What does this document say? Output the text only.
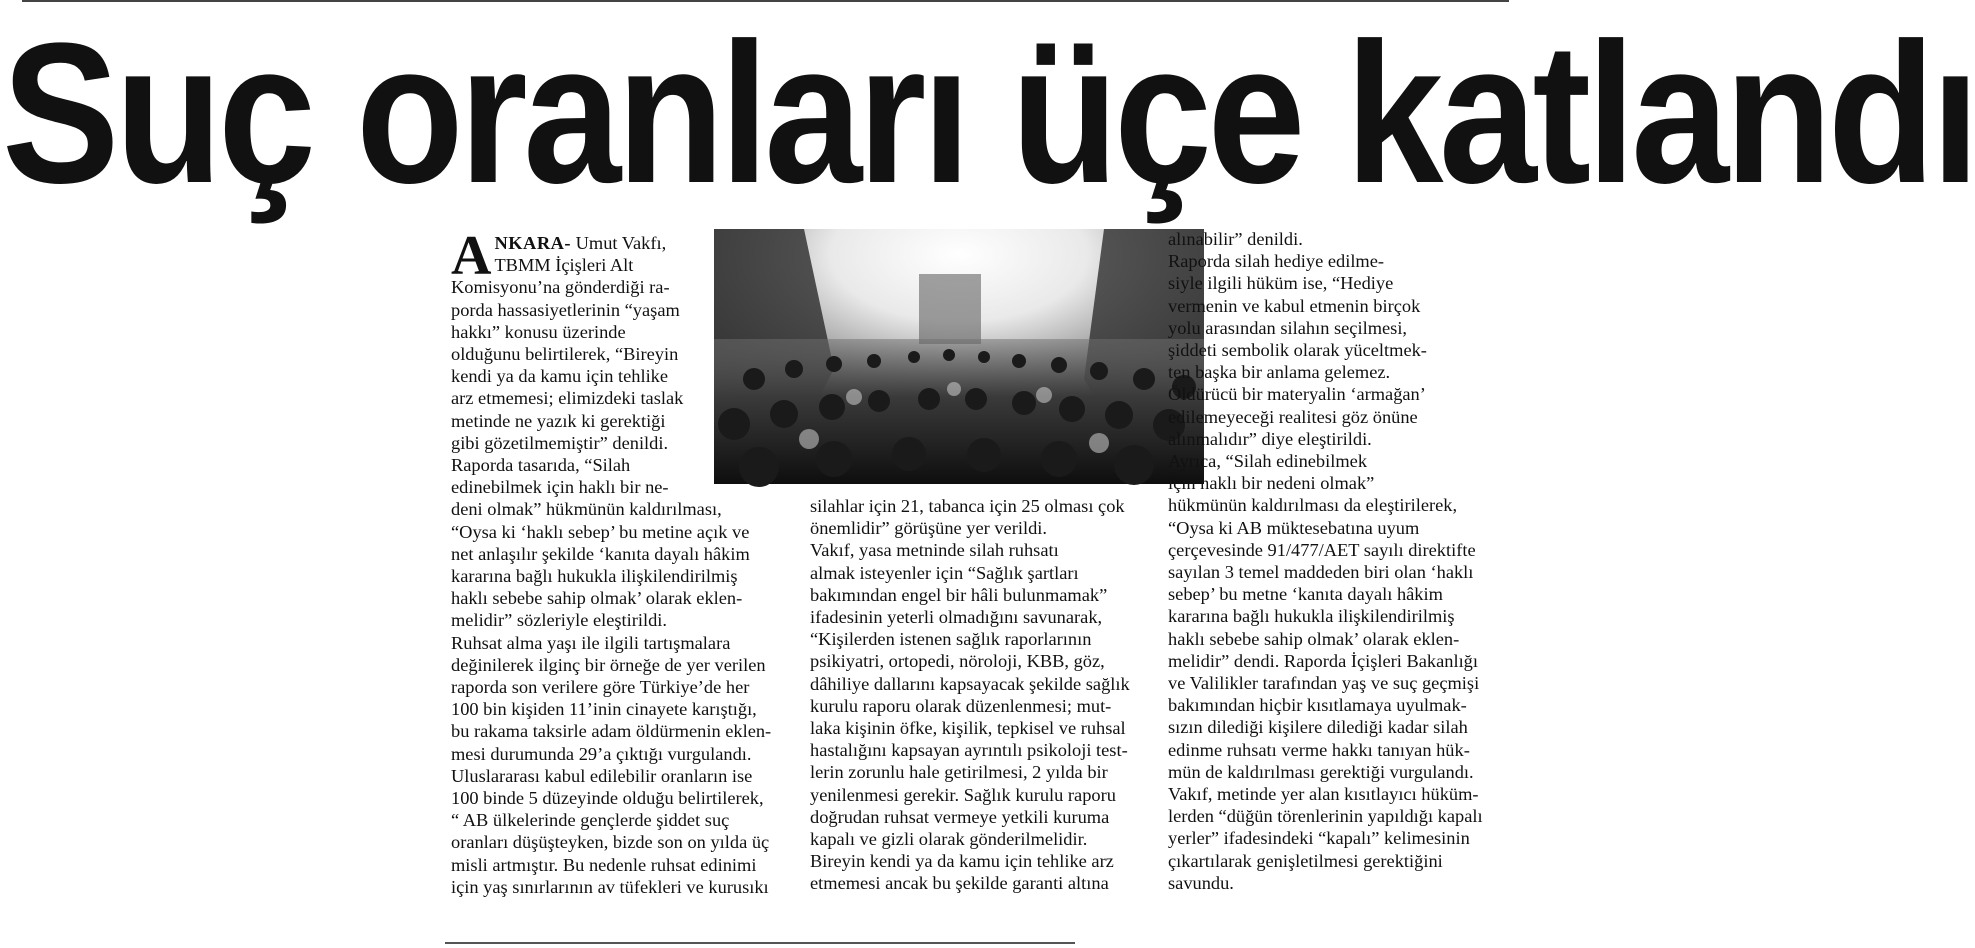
Suç oranları üçe katlandı
ANKARA- Umut Vakfı,
TBMM İçişleri Alt
Komisyonu’na gönderdiği ra-
porda hassasiyetlerinin “yaşam
hakkı” konusu üzerinde
olduğunu belirtilerek, “Bireyin
kendi ya da kamu için tehlike
arz etmemesi; elimizdeki taslak
metinde ne yazık ki gerektiği
gibi gözetilmemiştir” denildi.
Raporda tasarıda, “Silah
edinebilmek için haklı bir ne-
deni olmak” hükmünün kaldırılması,
“Oysa ki ‘haklı sebep’ bu metine açık ve
net anlaşılır şekilde ‘kanıta dayalı hâkim
kararına bağlı hukukla ilişkilendirilmiş
haklı sebebe sahip olmak’ olarak eklen-
melidir” sözleriyle eleştirildi.
Ruhsat alma yaşı ile ilgili tartışmalara
değinilerek ilginç bir örneğe de yer verilen
raporda son verilere göre Türkiye’de her
100 bin kişiden 11’inin cinayete karıştığı,
bu rakama taksirle adam öldürmenin eklen-
mesi durumunda 29’a çıktığı vurgulandı.
Uluslararası kabul edilebilir oranların ise
100 binde 5 düzeyinde olduğu belirtilerek,
“ AB ülkelerinde gençlerde şiddet suç
oranları düşüşteyken, bizde son on yılda üç
misli artmıştır. Bu nedenle ruhsat edinimi
için yaş sınırlarının av tüfekleri ve kurusıkı
silahlar için 21, tabanca için 25 olması çok
önemlidir” görüşüne yer verildi.
Vakıf, yasa metninde silah ruhsatı
almak isteyenler için “Sağlık şartları
bakımından engel bir hâli bulunmamak”
ifadesinin yeterli olmadığını savunarak,
“Kişilerden istenen sağlık raporlarının
psikiyatri, ortopedi, nöroloji, KBB, göz,
dâhiliye dallarını kapsayacak şekilde sağlık
kurulu raporu olarak düzenlenmesi; mut-
laka kişinin öfke, kişilik, tepkisel ve ruhsal
hastalığını kapsayan ayrıntılı psikoloji test-
lerin zorunlu hale getirilmesi, 2 yılda bir
yenilenmesi gerekir. Sağlık kurulu raporu
doğrudan ruhsat vermeye yetkili kuruma
kapalı ve gizli olarak gönderilmelidir.
Bireyin kendi ya da kamu için tehlike arz
etmemesi ancak bu şekilde garanti altına
alınabilir” denildi.
Raporda silah hediye edilme-
siyle ilgili hüküm ise, “Hediye
vermenin ve kabul etmenin birçok
yolu arasından silahın seçilmesi,
şiddeti sembolik olarak yüceltmek-
ten başka bir anlama gelemez.
Öldürücü bir materyalin ‘armağan’
edilemeyeceği realitesi göz önüne
alınmalıdır” diye eleştirildi.
Ayrıca, “Silah edinebilmek
için haklı bir nedeni olmak”
hükmünün kaldırılması da eleştirilerek,
“Oysa ki AB müktesebatına uyum
çerçevesinde 91/477/AET sayılı direktifte
sayılan 3 temel maddeden biri olan ‘haklı
sebep’ bu metne ‘kanıta dayalı hâkim
kararına bağlı hukukla ilişkilendirilmiş
haklı sebebe sahip olmak’ olarak eklen-
melidir” dendi. Raporda İçişleri Bakanlığı
ve Valilikler tarafından yaş ve suç geçmişi
bakımından hiçbir kısıtlamaya uyulmak-
sızın dilediği kişilere dilediği kadar silah
edinme ruhsatı verme hakkı tanıyan hük-
mün de kaldırılması gerektiği vurgulandı.
Vakıf, metinde yer alan kısıtlayıcı hüküm-
lerden “düğün törenlerinin yapıldığı kapalı
yerler” ifadesindeki “kapalı” kelimesinin
çıkartılarak genişletilmesi gerektiğini
savundu.
